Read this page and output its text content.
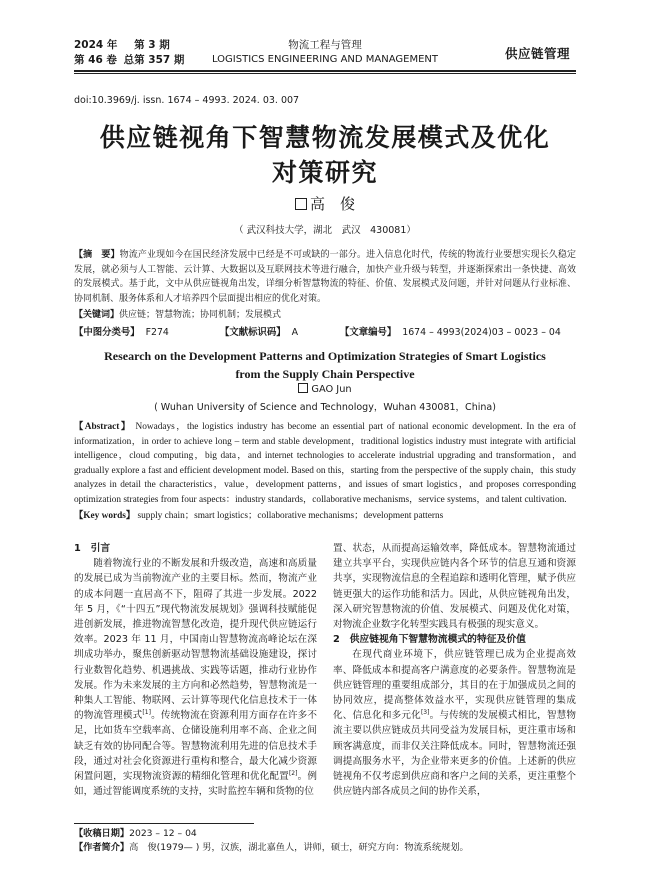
2024 年 第 3 期
第 46 卷 总第 357 期
物流工程与管理
LOGISTICS ENGINEERING AND MANAGEMENT	供应链管理
doi:10.3969/j. issn. 1674 – 4993. 2024. 03. 007
供应链视角下智慧物流发展模式及优化
对策研究
高　俊
（ 武汉科技大学，湖北　武汉　430081）
【摘　要】物流产业现如今在国民经济发展中已经是不可或缺的一部分。进入信息化时代，传统的物流行业要想实现长久稳定发展，就必须与人工智能、云计算、大数据以及互联网技术等进行融合，加快产业升级与转型，并逐渐探索出一条快捷、高效的发展模式。基于此，文中从供应链视角出发，详细分析智慧物流的特征、价值、发展模式及问题，并针对问题从行业标准、协同机制、服务体系和人才培养四个层面提出相应的优化对策。
【关键词】供应链；智慧物流；协同机制；发展模式
【中图分类号】 F274	【文献标识码】 A	【文章编号】 1674 – 4993(2024)03 – 0023 – 04
Research on the Development Patterns and Optimization Strategies of Smart Logistics
from the Supply Chain Perspective
GAO Jun
( Wuhan University of Science and Technology，Wuhan 430081，China)
【Abstract】 Nowadays，the logistics industry has become an essential part of national economic development. In the era of informatization，in order to achieve long – term and stable development，traditional logistics industry must integrate with artificial intelligence，cloud computing，big data，and internet technologies to accelerate industrial upgrading and transformation，and gradually explore a fast and efficient development model. Based on this，starting from the perspective of the supply chain，this study analyzes in detail the characteristics，value，development patterns，and issues of smart logistics，and proposes corresponding optimization strategies from four aspects：industry standards，collaborative mechanisms，service systems，and talent cultivation.
【Key words】 supply chain；smart logistics；collaborative mechanisms；development patterns
1　引言

随着物流行业的不断发展和升级改造，高速和高质量的发展已成为当前物流产业的主要目标。然而，物流产业的成本问题一直居高不下，阻碍了其进一步发展。2022 年 5 月，《“十四五”现代物流发展规划》强调科技赋能促进创新发展，推进物流智慧化改造，提升现代供应链运行效率。2023 年 11 月，中国南山智慧物流高峰论坛在深圳成功举办，聚焦创新驱动智慧物流基础设施建设，探讨行业数智化趋势、机遇挑战、实践等话题，推动行业协作发展。作为未来发展的主方向和必然趋势，智慧物流是一种集人工智能、物联网、云计算等现代化信息技术于一体的物流管理模式[1]。传统物流在资源利用方面存在许多不足，比如货车空载率高、仓储设施利用率不高、企业之间缺乏有效的协同配合等。智慧物流利用先进的信息技术手段，通过对社会化资源进行重构和整合，最大化减少资源闲置问题，实现物流资源的精细化管理和优化配置[2]。例如，通过智能调度系统的支持，实时监控车辆和货物的位

置、状态，从而提高运输效率，降低成本。智慧物流通过建立共享平台，实现供应链内各个环节的信息互通和资源共享，实现物流信息的全程追踪和透明化管理，赋予供应链更强大的运作功能和活力。因此，从供应链视角出发，深入研究智慧物流的价值、发展模式、问题及优化对策，对物流企业数字化转型实践具有极强的现实意义。

2　供应链视角下智慧物流模式的特征及价值

在现代商业环境下，供应链管理已成为企业提高效率、降低成本和提高客户满意度的必要条件。智慧物流是供应链管理的重要组成部分，其目的在于加强成员之间的协同效应，提高整体效益水平，实现供应链管理的集成化、信息化和多元化[3]。与传统的发展模式相比，智慧物流主要以供应链成员共同受益为发展目标，更注重市场和顾客满意度，而非仅关注降低成本。同时，智慧物流还强调提高服务水平，为企业带来更多的价值。上述新的供应链视角不仅考虑到供应商和客户之间的关系，更注重整个供应链内部各成员之间的协作关系，

【收稿日期】2023 – 12 – 04
【作者简介】高　俊(1979— ) 男，汉族，湖北嘉鱼人，讲师，硕士，研究方向：物流系统规划。
